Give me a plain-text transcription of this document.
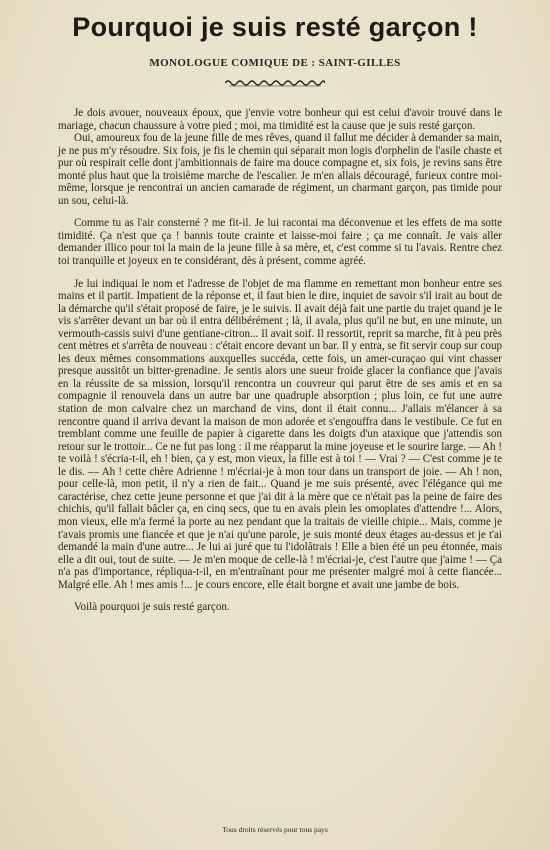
Pourquoi je suis resté garçon !
MONOLOGUE COMIQUE DE : SAINT-GILLES

Je dois avouer, nouveaux époux, que j'envie votre bonheur qui est celui d'avoir trouvé dans le mariage, chacun chaussure à votre pied ; moi, ma timidité est la cause que je suis resté garçon.

Oui, amoureux fou de la jeune fille de mes rêves, quand il fallut me décider à demander sa main, je ne pus m'y résoudre. Six fois, je fis le chemin qui séparait mon logis d'orphelin de l'asile chaste et pur où respirait celle dont j'ambitionnais de faire ma douce compagne et, six fois, je revins sans être monté plus haut que la troisième marche de l'escalier. Je m'en allais découragé, furieux contre moi-même, lorsque je rencontrai un ancien camarade de régiment, un charmant garçon, pas timide pour un sou, celui-là.

Comme tu as l'air consterné ? me fit-il. Je lui racontai ma déconvenue et les effets de ma sotte timidité. Ça n'est que ça ! bannis toute crainte et laisse-moi faire ; ça me connaît. Je vais aller demander illico pour toi la main de la jeune fille à sa mère, et, c'est comme si tu l'avais. Rentre chez toi tranquille et joyeux en te considérant, dès à présent, comme agréé.

Je lui indiquai le nom et l'adresse de l'objet de ma flamme en remettant mon bonheur entre ses mains et il partit. Impatient de la réponse et, il faut bien le dire, inquiet de savoir s'il irait au bout de la démarche qu'il s'était proposé de faire, je le suivis. Il avait déjà fait une partie du trajet quand je le vis s'arrêter devant un bar où il entra délibérément ; là, il avala, plus qu'il ne but, en une minute, un vermouth-cassis suivi d'une gentiane-citron... Il avait soif. Il ressortit, reprit sa marche, fit à peu près cent mètres et s'arrêta de nouveau : c'était encore devant un bar. Il y entra, se fit servir coup sur coup les deux mêmes consommations auxquelles succéda, cette fois, un amer-curaçao qui vint chasser presque aussitôt un bitter-grenadine. Je sentis alors une sueur froide glacer la confiance que j'avais en la réussite de sa mission, lorsqu'il rencontra un couvreur qui parut être de ses amis et en sa compagnie il renouvela dans un autre bar une quadruple absorption ; plus loin, ce fut une autre station de mon calvaire chez un marchand de vins, dont il était connu... J'allais m'élancer à sa rencontre quand il arriva devant la maison de mon adorée et s'engouffra dans le vestibule. Ce fut en tremblant comme une feuille de papier à cigarette dans les doigts d'un ataxique que j'attendis son retour sur le trottoir... Ce ne fut pas long : il me réapparut la mine joyeuse et le sourire large. — Ah ! te voilà ! s'écria-t-il, eh ! bien, ça y est, mon vieux, la fille est à toi ! — Vrai ? — C'est comme je te le dis. — Ah ! cette chère Adrienne ! m'écriai-je à mon tour dans un transport de joie. — Ah ! non, pour celle-là, mon petit, il n'y a rien de fait... Quand je me suis présenté, avec l'élégance qui me caractérise, chez cette jeune personne et que j'ai dit à la mère que ce n'était pas la peine de faire des chichis, qu'il fallait bâcler ça, en cinq secs, que tu en avais plein les omoplates d'attendre !... Alors, mon vieux, elle m'a fermé la porte au nez pendant que la traitais de vieille chipie... Mais, comme je t'avais promis une fiancée et que je n'ai qu'une parole, je suis monté deux étages au-dessus et je t'ai demandé la main d'une autre... Je lui ai juré que tu l'idolâtrais ! Elle a bien été un peu étonnée, mais elle a dit oui, tout de suite. — Je m'en moque de celle-là ! m'écriai-je, c'est l'autre que j'aime ! — Ça n'a pas d'importance, répliqua-t-il, en m'entraînant pour me présenter malgré moi à cette fiancée... Malgré elle. Ah ! mes amis !... je cours encore, elle était borgne et avait une jambe de bois.

Voilà pourquoi je suis resté garçon.

Tous droits réservés pour tous pays
